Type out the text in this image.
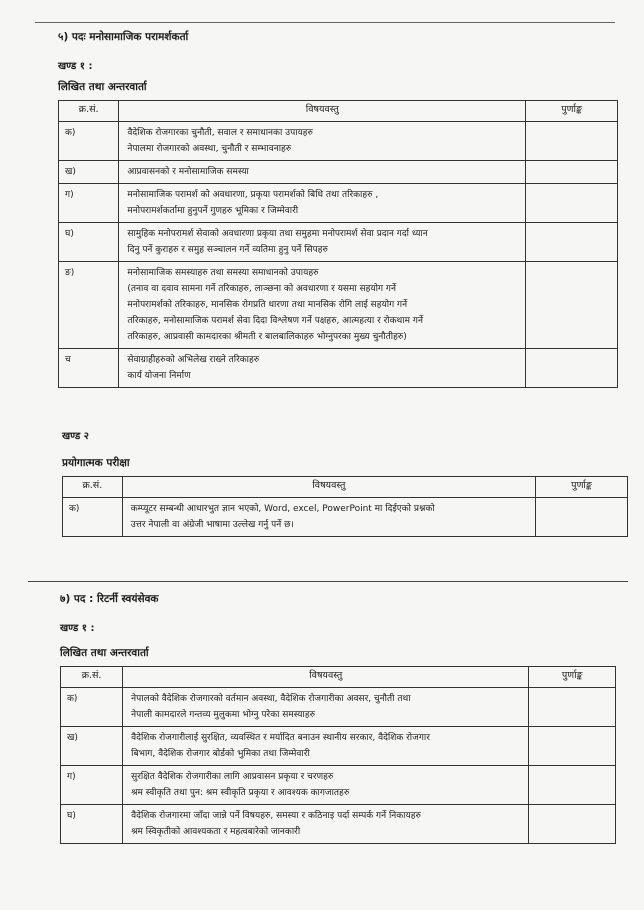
५) पदः मनोसामाजिक परामर्शकर्ता
खण्ड १ :
लिखित तथा अन्तरवार्ता
क्र.सं.	विषयवस्तु	पुर्णाङ्क
क)	वैदेशिक रोजगारका चुनौती, सवाल र समाधानका उपायहरु
नेपालमा रोजगारको अवस्था, चुनौती र सम्भावनाहरु	

ख)	आप्रवासनको र मनोसामाजिक समस्या	

ग)	मनोसामाजिक परामर्श को अवधारणा, प्रकृया परामर्शको बिधि तथा तरिकाहरु ,
मनोपरामर्शकर्तामा हुनुपर्ने गुणहरु भूमिका र जिम्मेवारी	

घ)	सामुहिक मनोपरामर्श सेवाको अवधारणा प्रकृया तथा समुहमा मनोपरामर्श सेवा प्रदान गर्दा ध्यान
दिनु पर्ने कुराहरु र समुह सञ्चालन गर्ने व्यतिमा हुनु पर्ने सिपहरु	

ङ)	मनोसामाजिक समस्याहरु तथा समस्या समाधानको उपायहरु
(तनाव वा दवाव सामना गर्ने तरिकाहरु, लाञ्छना को अवधारणा र यसमा सहयोग गर्ने
मनोपरामर्शको तरिकाहरु, मानसिक रोगप्रति धारणा तथा मानसिक रोगि लाई सहयोग गर्ने
तरिकाहरु, मनोसामाजिक परामर्श सेवा दिदा विश्लेषण गर्ने पक्षहरु, आत्महत्या र रोकथाम गर्ने
तरिकाहरु, आप्रवासी कामदारका श्रीमती र बालबालिकाहरु भोग्नुपरका मुख्य चुनौतीहरु)	

च	सेवाग्राहीहरुको अभिलेख राख्ने तरिकाहरु
कार्य योजना निर्माण	

खण्ड २
प्रयोगात्मक परीक्षा
क्र.सं.	विषयवस्तु	पुर्णाङ्क
क)	कम्प्यूटर सम्बन्धी आधारभुत ज्ञान भएको, Word, excel, PowerPoint मा दिईएको प्रश्नको
उत्तर नेपाली वा अंग्रेजी भाषामा उल्लेख गर्नु पर्ने छ।	

७) पद : रिटर्नी स्वयंसेवक
खण्ड १ :
लिखित तथा अन्तरवार्ता
क्र.सं.	विषयवस्तु	पुर्णाङ्क
क)	नेपालको वैदेशिक रोजगारको वर्तमान अवस्था, वैदेशिक रोजगारीका अवसर, चुनौती तथा
नेपाली कामदारले गन्तव्य मुलुकमा भोग्नु परेका समस्याहरु	

ख)	वैदेशिक रोजगारीलाई सुरक्षित, व्यवस्थित र मर्यादित बनाउन स्थानीय सरकार, वैदेशिक रोजगार
बिभाग, वैदेशिक रोजगार बोर्डको भुमिका तथा जिम्मेवारी	

ग)	सुरक्षित वैदेशिक रोजगारीका लागि आप्रवासन प्रकृया र चरणहरु
श्रम स्वीकृति तथा पुन: श्रम स्वीकृति प्रकृया र आवश्यक कागजातहरु	

घ)	वैदेशिक रोजगारमा जाँदा जान्ने पर्ने विषयहरु, समस्या र कठिनाइ पर्दा सम्पर्क गर्ने निकायहरु
श्रम स्विकृतीको आवश्यकता र महत्वबारेको जानकारी	
